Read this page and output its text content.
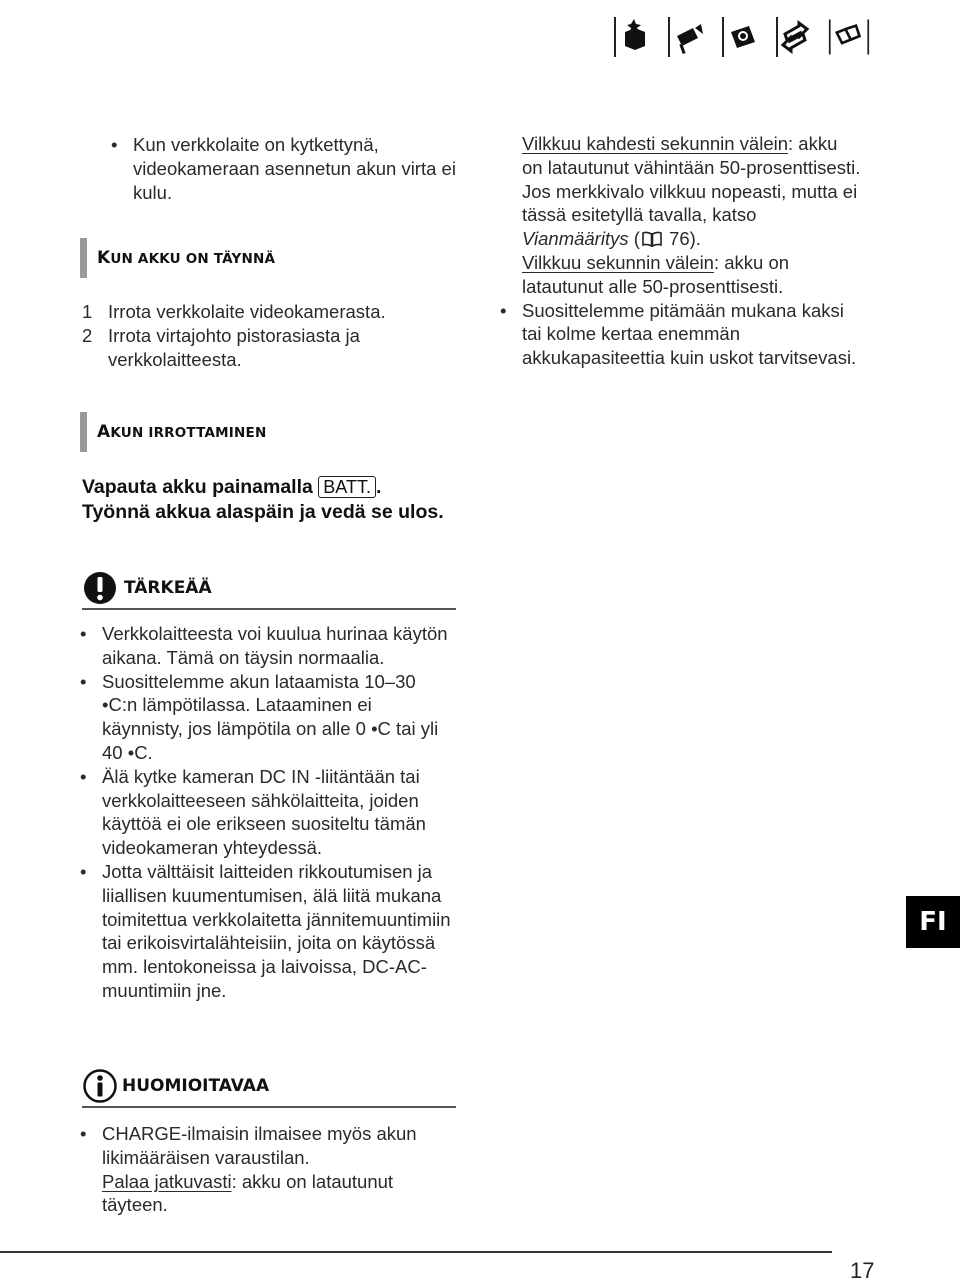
• Kun verkkolaite on kytkettynä, videokameraan asennetun akun virta ei kulu.

KUN AKKU ON TÄYNNÄ
1 Irrota verkkolaite videokamerasta.
2 Irrota virtajohto pistorasiasta ja verkkolaitteesta.
AKUN IRROTTAMINEN
Vapauta akku painamalla BATT. .
Työnnä akkua alaspäin ja vedä se ulos.
TÄRKEÄÄ

• Verkkolaitteesta voi kuulua hurinaa käytön aikana. Tämä on täysin normaalia.

• Suosittelemme akun lataamista 10–30 •C:n lämpötilassa. Lataaminen ei käynnisty, jos lämpötila on alle 0 •C tai yli 40 •C.

• Älä kytke kameran DC IN -liitäntään tai verkkolaitteeseen sähkölaitteita, joiden käyttöä ei ole erikseen suositeltu tämän videokameran yhteydessä.

• Jotta välttäisit laitteiden rikkoutumisen ja liiallisen kuumentumisen, älä liitä mukana toimitettua verkkolaitetta jännitemuuntimiin tai erikoisvirtalähteisiin, joita on käytössä mm. lentokoneissa ja laivoissa, DC-AC-muuntimiin jne.

HUOMIOITAVAA

• CHARGE-ilmaisin ilmaisee myös akun likimääräisen varaustilan.

Palaa jatkuvasti: akku on latautunut täyteen.

Vilkkuu kahdesti sekunnin välein: akku on latautunut vähintään 50-prosenttisesti. Jos merkkivalo vilkkuu nopeasti, mutta ei tässä esitetyllä tavalla, katso Vianmääritys ( 76).

Vilkkuu sekunnin välein: akku on latautunut alle 50-prosenttisesti.

• Suosittelemme pitämään mukana kaksi tai kolme kertaa enemmän akkukapasiteettia kuin uskot tarvitsevasi.

FI
17
